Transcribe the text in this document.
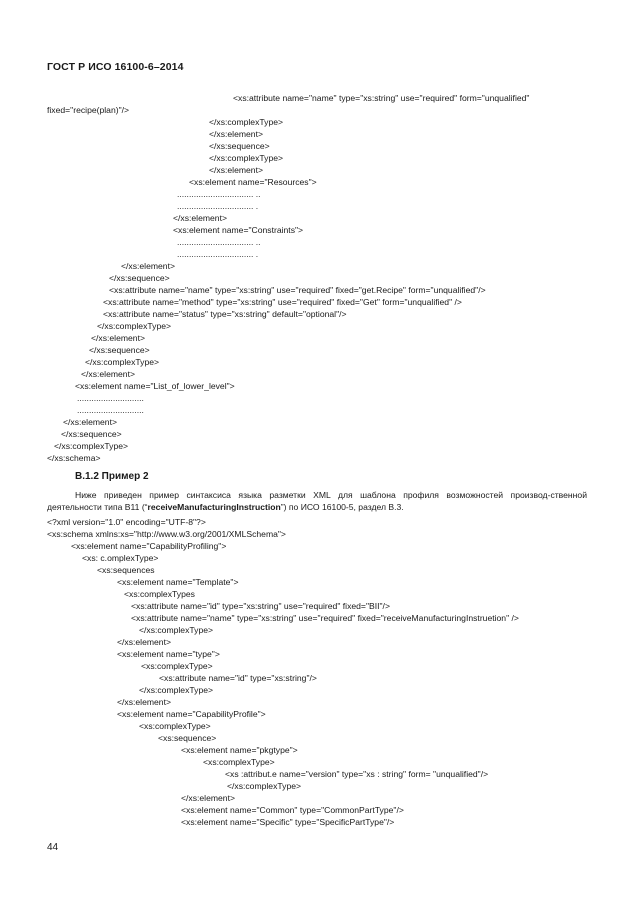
ГОСТ Р ИСО 16100-6–2014
<xs:attribute name="name" type="xs:string" use="required" form="unqualified"
fixed="recipe(plan)"/>
</xs:complexType>
</xs:element>
</xs:sequence>
</xs:complexType>
</xs:element>
<xs:element name="Resources">
................................ ..
................................ .
</xs:element>
<xs:element name="Constraints">
................................ ..
................................ .
</xs:element>
</xs:sequence>
<xs:attribute name="name" type="xs:string" use="required" fixed="get.Recipe" form="unqualified"/>
<xs:attribute name="method" type="xs:string" use="required" fixed="Get" form="unqualified" />
<xs:attribute name="status" type="xs:string" default="optional"/>
</xs:complexType>
</xs:element>
</xs:sequence>
</xs:complexType>
</xs:element>
<xs:element name="List_of_lower_level">
............................
............................
</xs:element>
</xs:sequence>
</xs:complexType>
</xs:schema>
В.1.2 Пример 2
Ниже приведен пример синтаксиса языка разметки XML для шаблона профиля возможностей производ-ственной деятельности типа B11 (“receiveManufacturingInstruction”) по ИСО 16100-5, раздел В.3.
<?xml version="1.0" encoding="UTF-8"?>
<xs:schema xmlns:xs="http://www.w3.org/2001/XMLSchema">
<xs:element name="CapabilityProfiling">
<xs: c.omplexType>
<xs:sequences
<xs:element name="Template">
<xs:complexTypes
<xs:attribute name="id" type="xs:string" use="required" fixed="BII"/>
<xs:attribute name="name" type="xs:string" use="required" fixed="receiveManufacturingInstruetion" />
</xs:complexType>
</xs:element>
<xs:element name="type">
<xs:complexType>
<xs:attribute name="id" type="xs:string"/>
</xs:complexType>
</xs:element>
<xs:element name="CapabilityProfile">
<xs:complexType>
<xs:sequence>
<xs:element name="pkgtype">
<xs:complexType>
<xs :attribut.e name="version" type="xs : string" form= "unqualified"/>
</xs:complexType>
</xs:element>
<xs:element name="Common" type="CommonPartType"/>
<xs:element name="Specific" type="SpecificPartType"/>
44
